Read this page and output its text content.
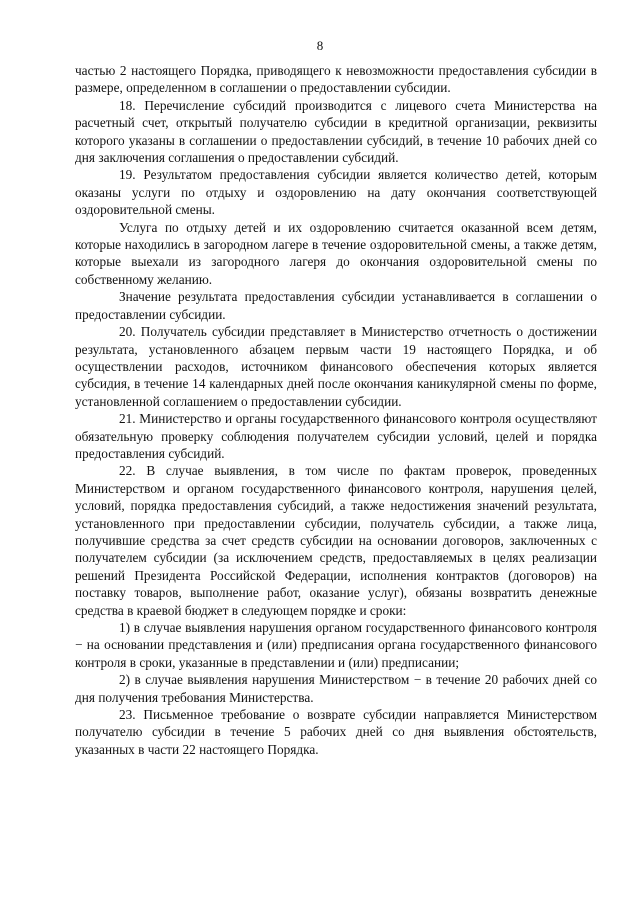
8

частью 2 настоящего Порядка, приводящего к невозможности предоставления субсидии в размере, определенном в соглашении о предоставлении субсидии.

18. Перечисление субсидий производится с лицевого счета Министерства на расчетный счет, открытый получателю субсидии в кредитной организации, реквизиты которого указаны в соглашении о предоставлении субсидий, в течение 10 рабочих дней со дня заключения соглашения о предоставлении субсидий.

19. Результатом предоставления субсидии является количество детей, которым оказаны услуги по отдыху и оздоровлению на дату окончания соответствующей оздоровительной смены.

Услуга по отдыху детей и их оздоровлению считается оказанной всем детям, которые находились в загородном лагере в течение оздоровительной смены, а также детям, которые выехали из загородного лагеря до окончания оздоровительной смены по собственному желанию.

Значение результата предоставления субсидии устанавливается в соглашении о предоставлении субсидии.

20. Получатель субсидии представляет в Министерство отчетность о достижении результата, установленного абзацем первым части 19 настоящего Порядка, и об осуществлении расходов, источником финансового обеспечения которых является субсидия, в течение 14 календарных дней после окончания каникулярной смены по форме, установленной соглашением о предоставлении субсидии.

21. Министерство и органы государственного финансового контроля осуществляют обязательную проверку соблюдения получателем субсидии условий, целей и порядка предоставления субсидий.

22. В случае выявления, в том числе по фактам проверок, проведенных Министерством и органом государственного финансового контроля, нарушения целей, условий, порядка предоставления субсидий, а также недостижения значений результата, установленного при предоставлении субсидии, получатель субсидии, а также лица, получившие средства за счет средств субсидии на основании договоров, заключенных с получателем субсидии (за исключением средств, предоставляемых в целях реализации решений Президента Российской Федерации, исполнения контрактов (договоров) на поставку товаров, выполнение работ, оказание услуг), обязаны возвратить денежные средства в краевой бюджет в следующем порядке и сроки:

1) в случае выявления нарушения органом государственного финансового контроля − на основании представления и (или) предписания органа государственного финансового контроля в сроки, указанные в представлении и (или) предписании;

2) в случае выявления нарушения Министерством − в течение 20 рабочих дней со дня получения требования Министерства.

23. Письменное требование о возврате субсидии направляется Министерством получателю субсидии в течение 5 рабочих дней со дня выявления обстоятельств, указанных в части 22 настоящего Порядка.
